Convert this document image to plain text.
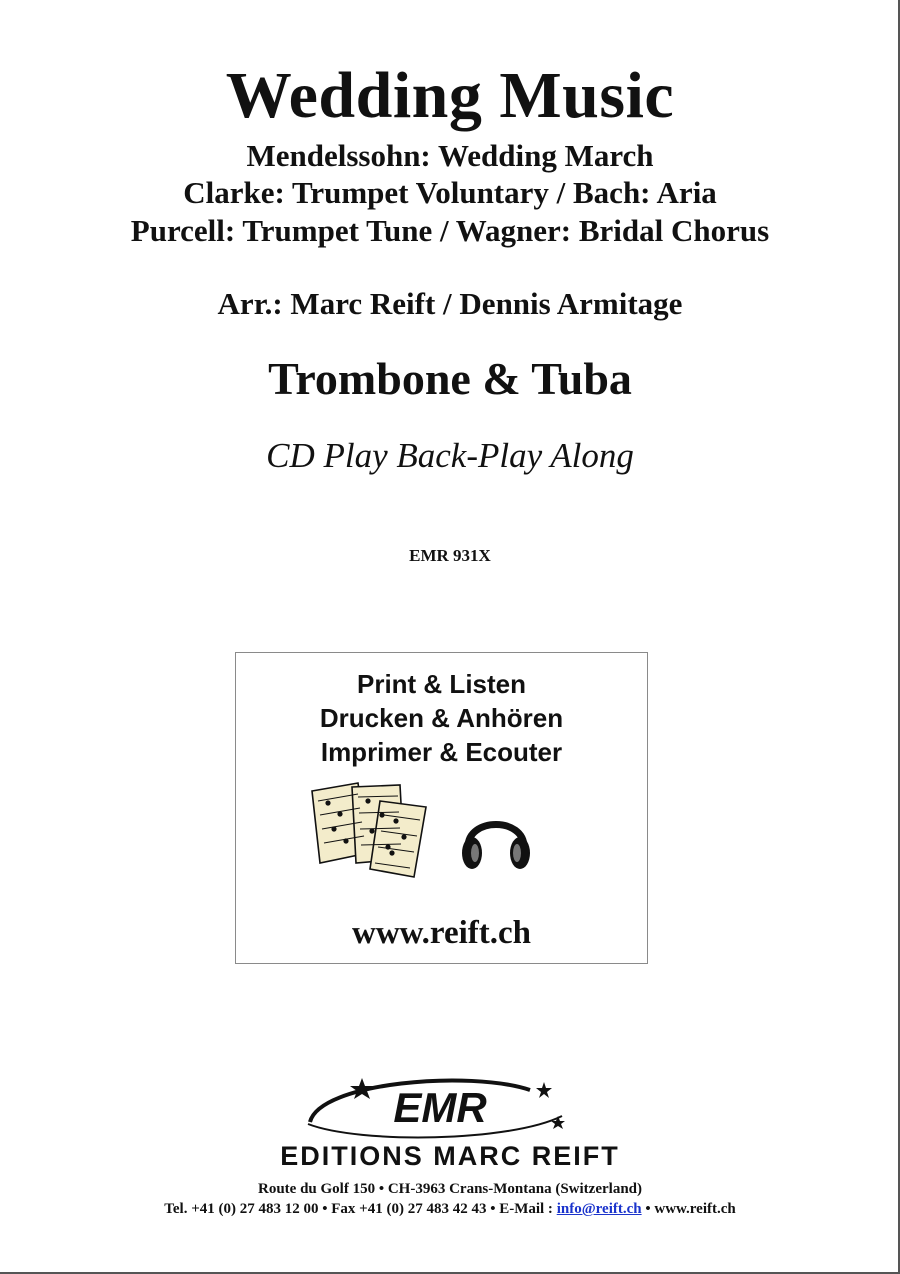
Wedding Music
Mendelssohn: Wedding March
Clarke: Trumpet Voluntary / Bach: Aria
Purcell: Trumpet Tune / Wagner: Bridal Chorus
Arr.: Marc Reift / Dennis Armitage
Trombone & Tuba
CD Play Back-Play Along
EMR 931X
Print & Listen
Drucken & Anhören
Imprimer & Ecouter
www.reift.ch
EMR
EDITIONS MARC REIFT
Route du Golf 150 • CH-3963 Crans-Montana (Switzerland)
Tel. +41 (0) 27 483 12 00 • Fax +41 (0) 27 483 42 43 • E-Mail : info@reift.ch • www.reift.ch
